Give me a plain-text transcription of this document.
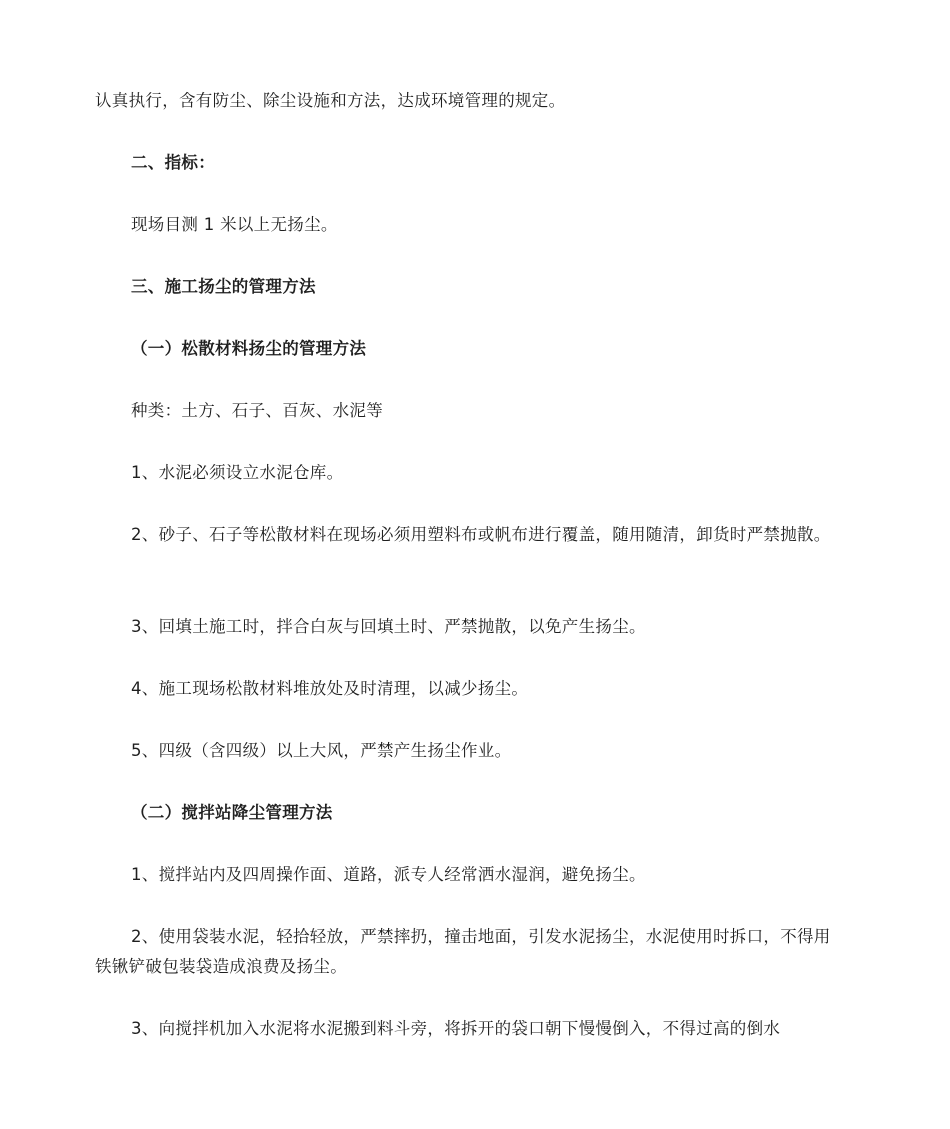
认真执行，含有防尘、除尘设施和方法，达成环境管理的规定。

二、指标：

现场目测 1 米以上无扬尘。

三、施工扬尘的管理方法

（一）松散材料扬尘的管理方法

种类：土方、石子、百灰、水泥等

1、水泥必须设立水泥仓库。

2、砂子、石子等松散材料在现场必须用塑料布或帆布进行覆盖，随用随清，卸货时严禁抛散。

3、回填土施工时，拌合白灰与回填土时、严禁抛散，以免产生扬尘。

4、施工现场松散材料堆放处及时清理，以减少扬尘。

5、四级（含四级）以上大风，严禁产生扬尘作业。

（二）搅拌站降尘管理方法

1、搅拌站内及四周操作面、道路，派专人经常洒水湿润，避免扬尘。

2、使用袋装水泥，轻拾轻放，严禁摔扔，撞击地面，引发水泥扬尘，水泥使用时拆口，不得用铁锹铲破包装袋造成浪费及扬尘。

3、向搅拌机加入水泥将水泥搬到料斗旁，将拆开的袋口朝下慢慢倒入，不得过高的倒水
